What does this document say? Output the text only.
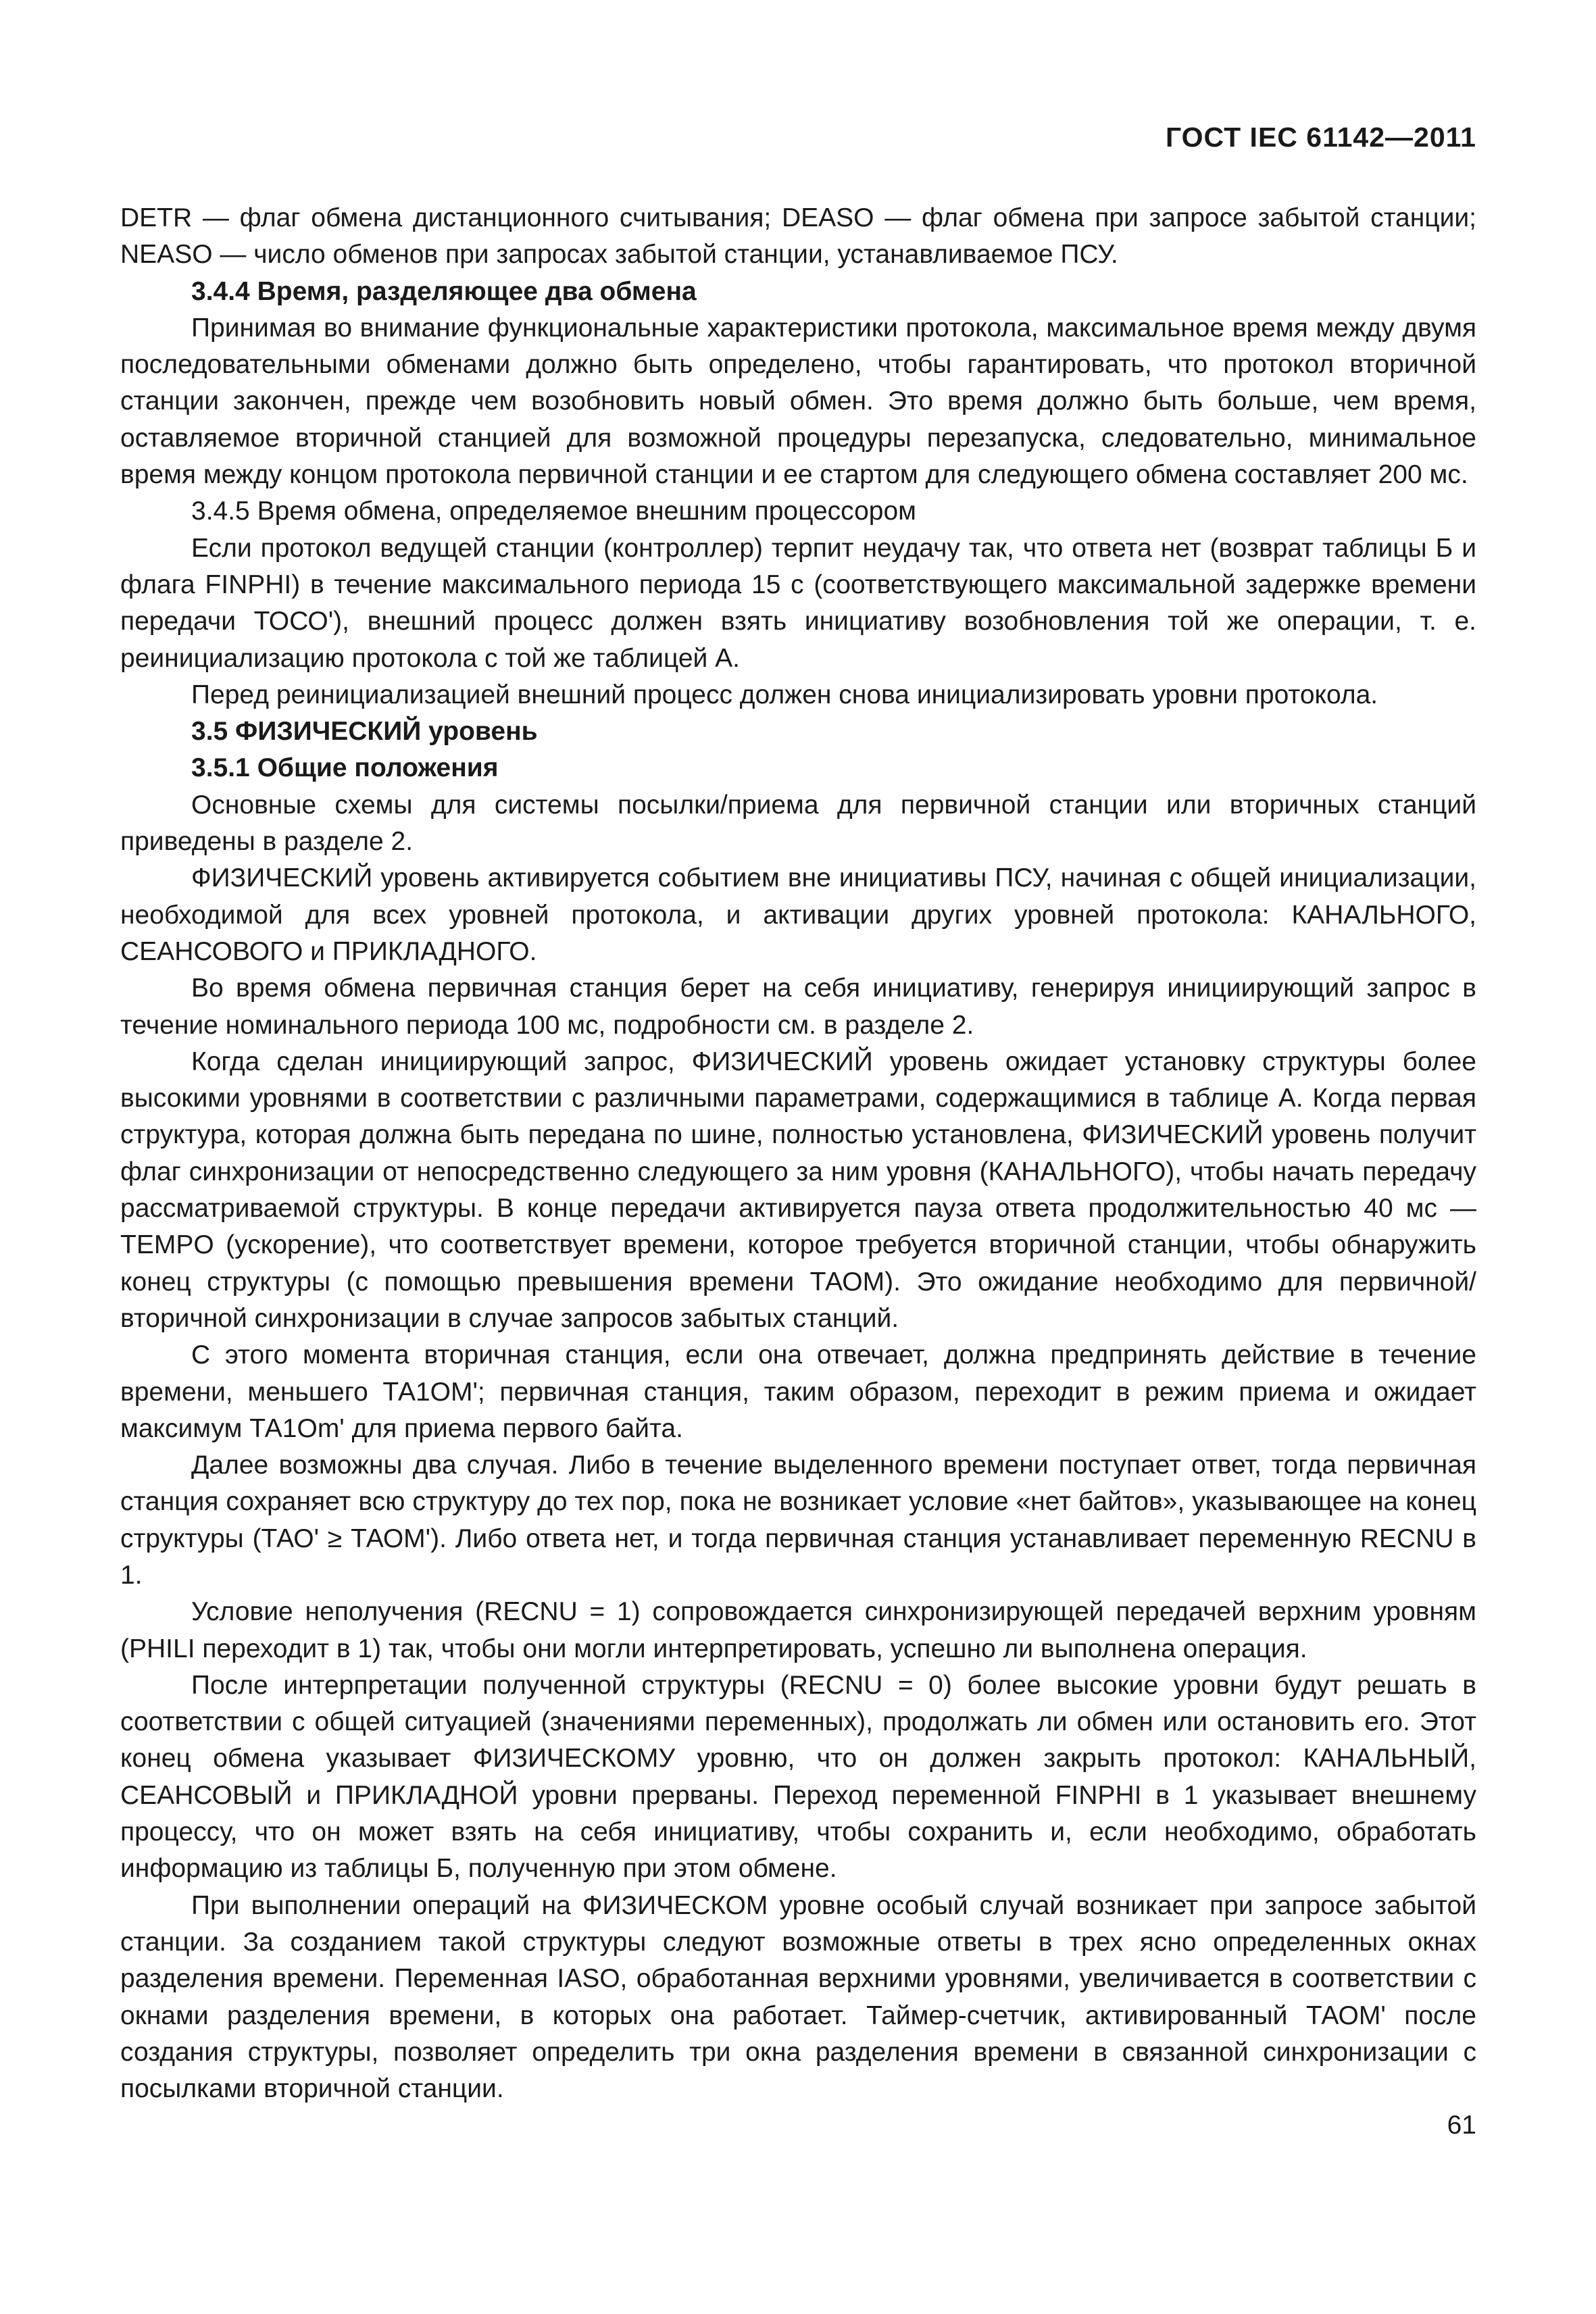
ГОСТ IEC 61142—2011

DETR — флаг обмена дистанционного считывания; DEASO — флаг обмена при запросе забытой станции; NEASO — число обменов при запросах забытой станции, устанавливаемое ПСУ.

3.4.4 Время, разделяющее два обмена

Принимая во внимание функциональные характеристики протокола, максимальное время между двумя последовательными обменами должно быть определено, чтобы гарантировать, что протокол вторичной станции закончен, прежде чем возобновить новый обмен. Это время должно быть больше, чем время, оставляемое вторичной станцией для возможной процедуры перезапуска, следовательно, минимальное время между концом протокола первичной станции и ее стартом для следующего обмена составляет 200 мс.

3.4.5 Время обмена, определяемое внешним процессором

Если протокол ведущей станции (контроллер) терпит неудачу так, что ответа нет (возврат таблицы Б и флага FINPHI) в течение максимального периода 15 с (соответствующего максимальной задержке времени передачи ТОСО'), внешний процесс должен взять инициативу возобновления той же операции, т. е. реинициализацию протокола с той же таблицей А.

Перед реинициализацией внешний процесс должен снова инициализировать уровни протокола.

3.5 ФИЗИЧЕСКИЙ уровень

3.5.1 Общие положения

Основные схемы для системы посылки/приема для первичной станции или вторичных станций приведены в разделе 2.

ФИЗИЧЕСКИЙ уровень активируется событием вне инициативы ПСУ, начиная с общей инициализации, необходимой для всех уровней протокола, и активации других уровней протокола: КАНАЛЬНОГО, СЕАНСОВОГО и ПРИКЛАДНОГО.

Во время обмена первичная станция берет на себя инициативу, генерируя инициирующий запрос в течение номинального периода 100 мс, подробности см. в разделе 2.

Когда сделан инициирующий запрос, ФИЗИЧЕСКИЙ уровень ожидает установку структуры более высокими уровнями в соответствии с различными параметрами, содержащимися в таблице А. Когда первая структура, которая должна быть передана по шине, полностью установлена, ФИЗИЧЕСКИЙ уровень получит флаг синхронизации от непосредственно следующего за ним уровня (КАНАЛЬНОГО), чтобы начать передачу рассматриваемой структуры. В конце передачи активируется пауза ответа продолжительностью 40 мс — TEMPO (ускорение), что соответствует времени, которое требуется вторичной станции, чтобы обнаружить конец структуры (с помощью превышения времени ТАОМ). Это ожидание необходимо для первичной/вторичной синхронизации в случае запросов забытых станций.

С этого момента вторичная станция, если она отвечает, должна предпринять действие в течение времени, меньшего ТА1ОМ'; первичная станция, таким образом, переходит в режим приема и ожидает максимум ТА1Оm' для приема первого байта.

Далее возможны два случая. Либо в течение выделенного времени поступает ответ, тогда первичная станция сохраняет всю структуру до тех пор, пока не возникает условие «нет байтов», указывающее на конец структуры (ТАО' ≥ ТАОМ'). Либо ответа нет, и тогда первичная станция устанавливает переменную RECNU в 1.

Условие неполучения (RECNU = 1) сопровождается синхронизирующей передачей верхним уровням (PHILI переходит в 1) так, чтобы они могли интерпретировать, успешно ли выполнена операция.

После интерпретации полученной структуры (RECNU = 0) более высокие уровни будут решать в соответствии с общей ситуацией (значениями переменных), продолжать ли обмен или остановить его. Этот конец обмена указывает ФИЗИЧЕСКОМУ уровню, что он должен закрыть протокол: КАНАЛЬНЫЙ, СЕАНСОВЫЙ и ПРИКЛАДНОЙ уровни прерваны. Переход переменной FINPHI в 1 указывает внешнему процессу, что он может взять на себя инициативу, чтобы сохранить и, если необходимо, обработать информацию из таблицы Б, полученную при этом обмене.

При выполнении операций на ФИЗИЧЕСКОМ уровне особый случай возникает при запросе забытой станции. За созданием такой структуры следуют возможные ответы в трех ясно определенных окнах разделения времени. Переменная IASO, обработанная верхними уровнями, увеличивается в соответствии с окнами разделения времени, в которых она работает. Таймер-счетчик, активированный ТАОМ' после создания структуры, позволяет определить три окна разделения времени в связанной синхронизации с посылками вторичной станции.

61
